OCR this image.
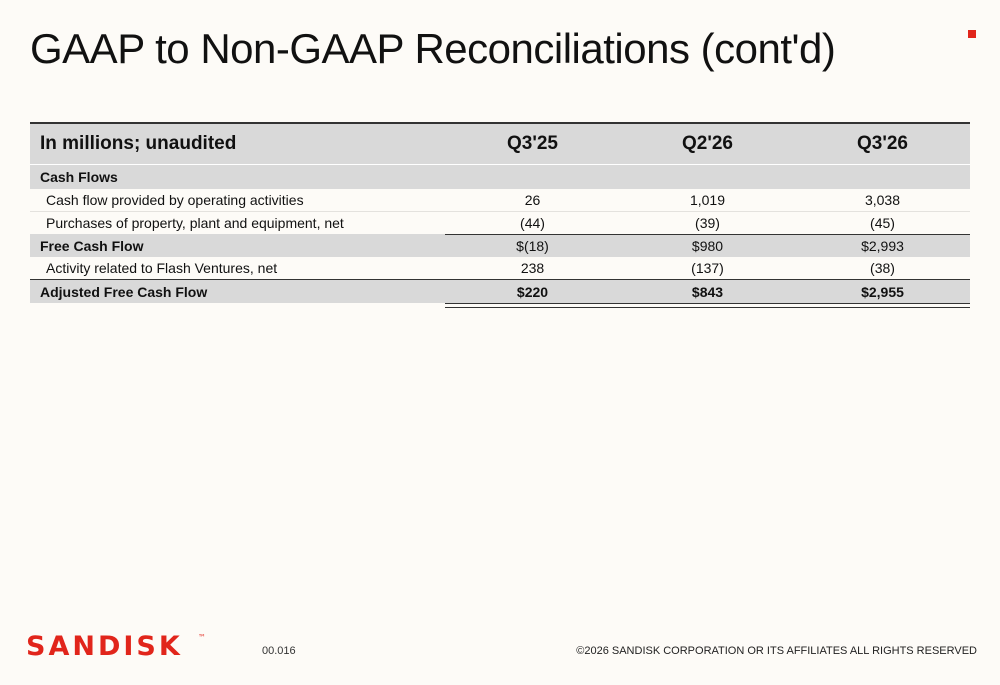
GAAP to Non-GAAP Reconciliations (cont'd)
In millions; unaudited	Q3'25	Q2'26	Q3'26
Cash Flows
Cash flow provided by operating activities	26	1,019	3,038
Purchases of property, plant and equipment, net	(44)	(39)	(45)
Free Cash Flow	$(18)	$980	$2,993
Activity related to Flash Ventures, net	238	(137)	(38)
Adjusted Free Cash Flow	$220	$843	$2,955
SANDISK ™
00.016	©2026 SANDISK CORPORATION OR ITS AFFILIATES ALL RIGHTS RESERVED
